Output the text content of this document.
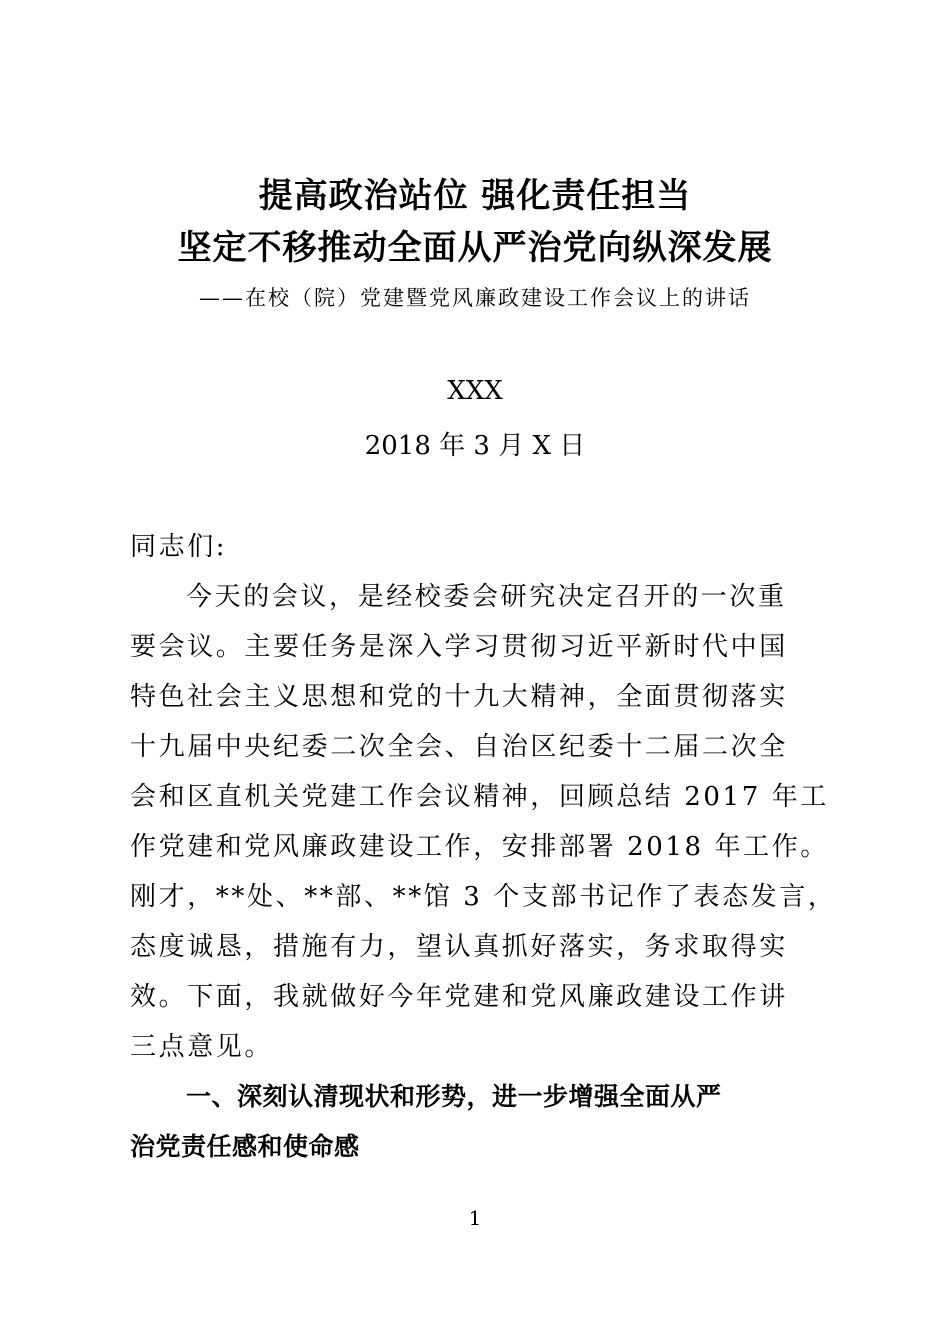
提高政治站位 强化责任担当
坚定不移推动全面从严治党向纵深发展
——在校（院）党建暨党风廉政建设工作会议上的讲话
XXX
2018 年 3 月 X 日
同志们:
今天的会议，是经校委会研究决定召开的一次重
要会议。主要任务是深入学习贯彻习近平新时代中国
特色社会主义思想和党的十九大精神，全面贯彻落实
十九届中央纪委二次全会、自治区纪委十二届二次全
会和区直机关党建工作会议精神，回顾总结 2017 年工
作党建和党风廉政建设工作，安排部署 2018 年工作。
刚才，**处、**部、**馆 3 个支部书记作了表态发言，
态度诚恳，措施有力，望认真抓好落实，务求取得实
效。下面，我就做好今年党建和党风廉政建设工作讲
三点意见。
一、深刻认清现状和形势，进一步增强全面从严
治党责任感和使命感
1
